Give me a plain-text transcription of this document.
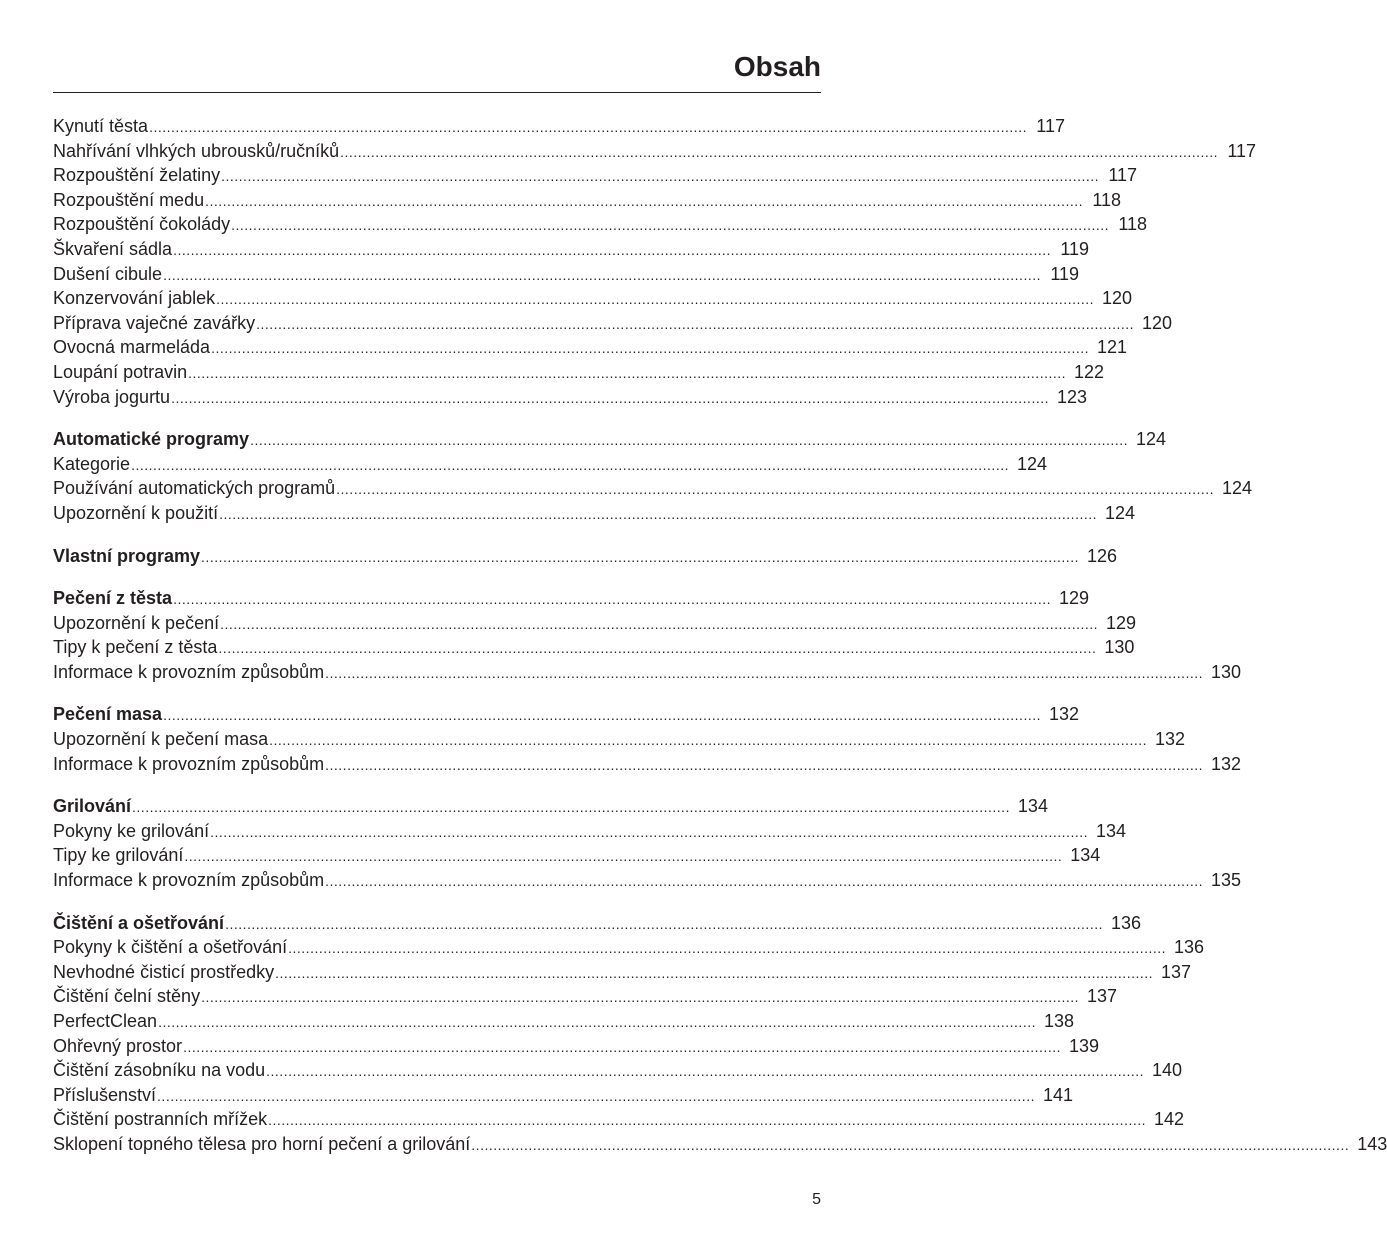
Obsah
Kynutí těsta ........................................................................................................................................................................................................ 117
Nahřívání vlhkých ubrousků/ručníků ........................................................................................................................................................................................................ 117
Rozpouštění želatiny ........................................................................................................................................................................................................ 117
Rozpouštění medu ........................................................................................................................................................................................................ 118
Rozpouštění čokolády ........................................................................................................................................................................................................ 118
Škvaření sádla ........................................................................................................................................................................................................ 119
Dušení cibule ........................................................................................................................................................................................................ 119
Konzervování jablek ........................................................................................................................................................................................................ 120
Příprava vaječné zavářky ........................................................................................................................................................................................................ 120
Ovocná marmeláda ........................................................................................................................................................................................................ 121
Loupání potravin ........................................................................................................................................................................................................ 122
Výroba jogurtu ........................................................................................................................................................................................................ 123
Automatické programy ........................................................................................................................................................................................................ 124
Kategorie ........................................................................................................................................................................................................ 124
Používání automatických programů ........................................................................................................................................................................................................ 124
Upozornění k použití ........................................................................................................................................................................................................ 124
Vlastní programy ........................................................................................................................................................................................................ 126
Pečení z těsta ........................................................................................................................................................................................................ 129
Upozornění k pečení ........................................................................................................................................................................................................ 129
Tipy k pečení z těsta ........................................................................................................................................................................................................ 130
Informace k provozním způsobům ........................................................................................................................................................................................................ 130
Pečení masa ........................................................................................................................................................................................................ 132
Upozornění k pečení masa ........................................................................................................................................................................................................ 132
Informace k provozním způsobům ........................................................................................................................................................................................................ 132
Grilování ........................................................................................................................................................................................................ 134
Pokyny ke grilování ........................................................................................................................................................................................................ 134
Tipy ke grilování ........................................................................................................................................................................................................ 134
Informace k provozním způsobům ........................................................................................................................................................................................................ 135
Čištění a ošetřování ........................................................................................................................................................................................................ 136
Pokyny k čištění a ošetřování ........................................................................................................................................................................................................ 136
Nevhodné čisticí prostředky ........................................................................................................................................................................................................ 137
Čištění čelní stěny ........................................................................................................................................................................................................ 137
PerfectClean ........................................................................................................................................................................................................ 138
Ohřevný prostor ........................................................................................................................................................................................................ 139
Čištění zásobníku na vodu ........................................................................................................................................................................................................ 140
Příslušenství ........................................................................................................................................................................................................ 141
Čištění postranních mřížek ........................................................................................................................................................................................................ 142
Sklopení topného tělesa pro horní pečení a grilování ........................................................................................................................................................................................................ 143
5
